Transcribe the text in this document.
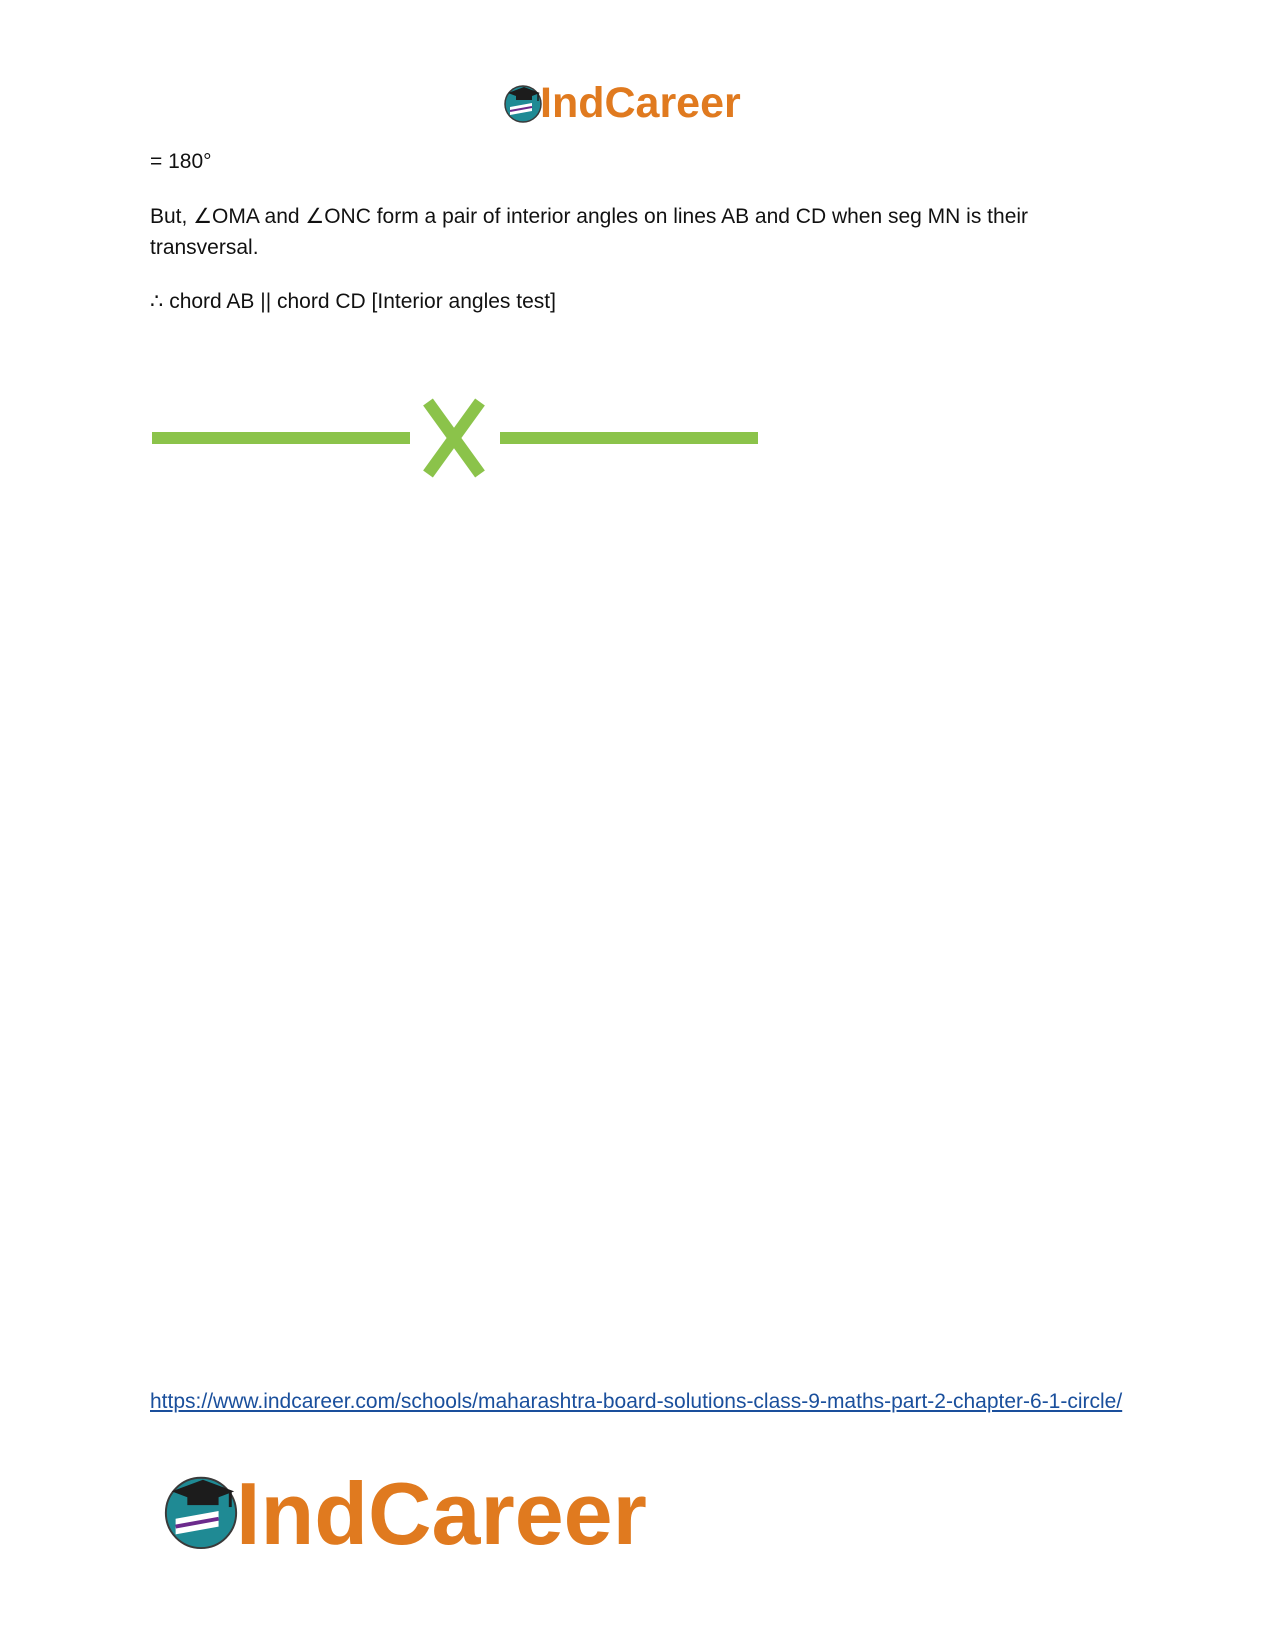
IndCareer

= 180°

But, ∠OMA and ∠ONC form a pair of interior angles on lines AB and CD when seg MN is their transversal.

∴ chord AB || chord CD [Interior angles test]

https://www.indcareer.com/schools/maharashtra-board-solutions-class-9-maths-part-2-chapter-6-1-circle/
IndCareer
